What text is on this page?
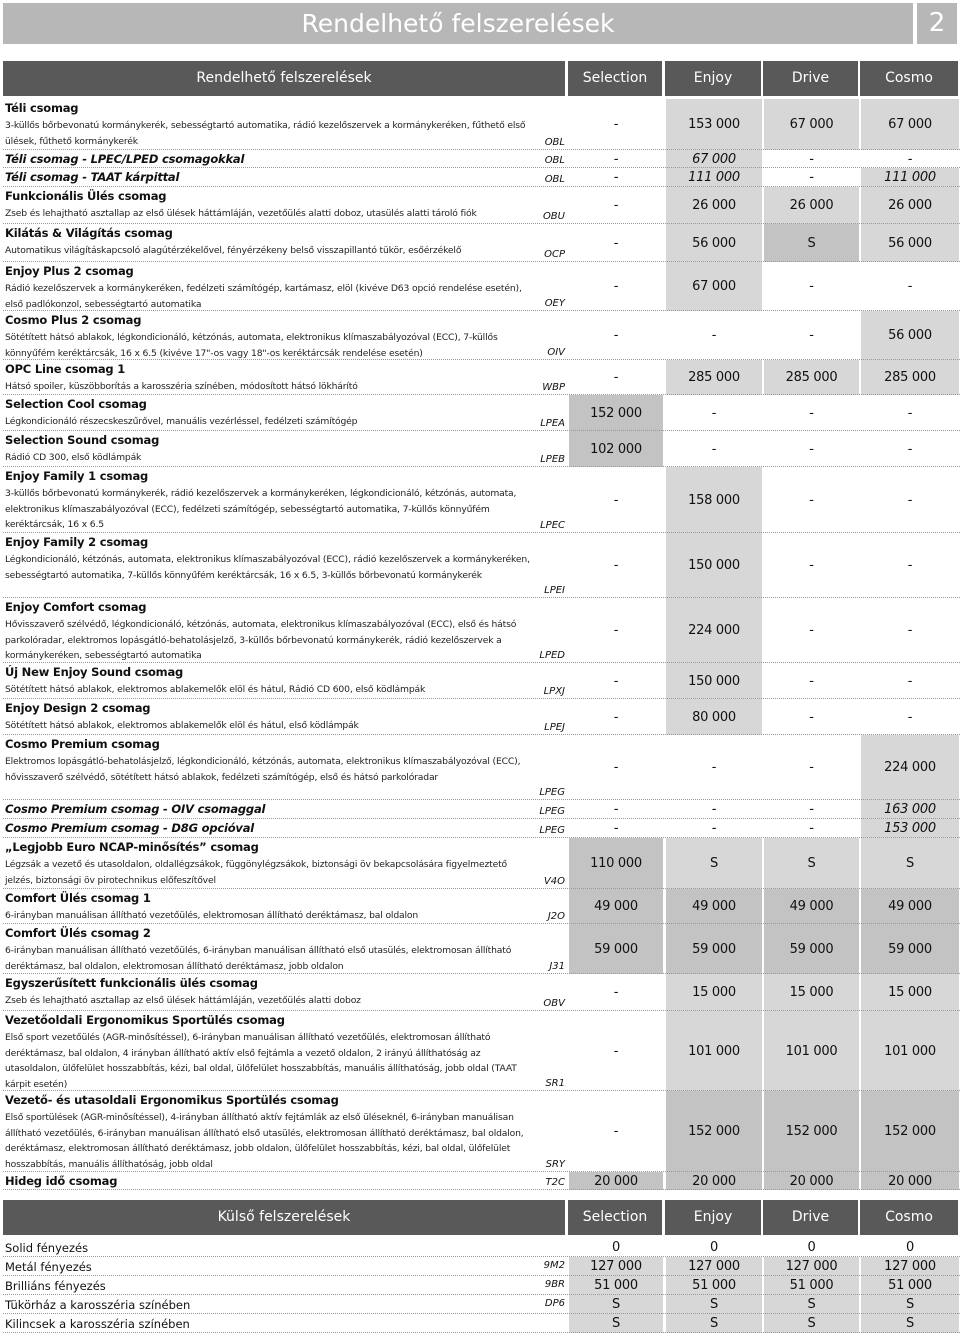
Rendelhető felszerelések	2
Rendelhető felszerelések	Selection	Enjoy	Drive	Cosmo
Téli csomag
3-küllős bőrbevonatú kormánykerék, sebességtartó automatika, rádió kezelőszervek a kormánykeréken, fűthető első ülések, fűthető kormánykerék	OBL
-	153 000	67 000	67 000
Téli csomag - LPEC/LPED csomagokkal	OBL	-	67 000	-	-
Téli csomag - TAAT kárpittal	OBL	-	111 000	-	111 000
Funkcionális Ülés csomag
Zseb és lehajtható asztallap az első ülések háttámláján, vezetőülés alatti doboz, utasülés alatti tároló fiók	OBU
-	26 000	26 000	26 000
Kilátás & Világítás csomag
Automatikus világításkapcsoló alagútérzékelővel, fényérzékeny belső visszapillantó tükör, esőérzékelő	OCP
-	56 000	S	56 000
Enjoy Plus 2 csomag
Rádió kezelőszervek a kormánykeréken, fedélzeti számítógép, kartámasz, elöl (kivéve D63 opció rendelése esetén), első padlókonzol, sebességtartó automatika	OEY
-	67 000	-	-
Cosmo Plus 2 csomag
Sötétített hátsó ablakok, légkondicionáló, kétzónás, automata, elektronikus klímaszabályozóval (ECC), 7-küllős könnyűfém keréktárcsák, 16 x 6.5 (kivéve 17"-os vagy 18"-os keréktárcsák rendelése esetén)	OIV
-	-	-	56 000
OPC Line csomag 1
Hátsó spoiler, küszöbborítás a karosszéria színében, módosított hátsó lökhárító	WBP
-	285 000	285 000	285 000
Selection Cool csomag
Légkondicionáló részecskeszűrővel, manuális vezérléssel, fedélzeti számítógép	LPEA
152 000	-	-	-
Selection Sound csomag
Rádió CD 300, első ködlámpák	LPEB
102 000	-	-	-
Enjoy Family 1 csomag
3-küllős bőrbevonatú kormánykerék, rádió kezelőszervek a kormánykeréken, légkondicionáló, kétzónás, automata, elektronikus klímaszabályozóval (ECC), fedélzeti számítógép, sebességtartó automatika, 7-küllős könnyűfém keréktárcsák, 16 x 6.5	LPEC
-	158 000	-	-
Enjoy Family 2 csomag
Légkondicionáló, kétzónás, automata, elektronikus klímaszabályozóval (ECC), rádió kezelőszervek a kormánykeréken, sebességtartó automatika, 7-küllős könnyűfém keréktárcsák, 16 x 6.5, 3-küllős bőrbevonatú kormánykerék
LPEI
-	150 000	-	-
Enjoy Comfort csomag
Hővisszaverő szélvédő, légkondicionáló, kétzónás, automata, elektronikus klímaszabályozóval (ECC), első és hátsó parkolóradar, elektromos lopásgátló-behatolásjelző, 3-küllős bőrbevonatú kormánykerék, rádió kezelőszervek a kormánykeréken, sebességtartó automatika	LPED
-	224 000	-	-
Új New Enjoy Sound csomag
Sötétített hátsó ablakok, elektromos ablakemelők elöl és hátul, Rádió CD 600, első ködlámpák	LPXJ
-	150 000	-	-
Enjoy Design 2 csomag
Sötétített hátsó ablakok, elektromos ablakemelők elöl és hátul, első ködlámpák	LPEJ
-	80 000	-	-
Cosmo Premium csomag
Elektromos lopásgátló-behatolásjelző, légkondicionáló, kétzónás, automata, elektronikus klímaszabályozóval (ECC), hővisszaverő szélvédő, sötétített hátsó ablakok, fedélzeti számítógép, első és hátsó parkolóradar
LPEG
-	-	-	224 000
Cosmo Premium csomag - OIV csomaggal	LPEG	-	-	-	163 000
Cosmo Premium csomag - D8G opcióval	LPEG	-	-	-	153 000
„Legjobb Euro NCAP-minősítés” csomag
Légzsák a vezető és utasoldalon, oldallégzsákok, függönylégzsákok, biztonsági öv bekapcsolására figyelmeztető jelzés, biztonsági öv pirotechnikus előfeszítővel	V4O
110 000	S	S	S
Comfort Ülés csomag 1
6-irányban manuálisan állítható vezetőülés, elektromosan állítható deréktámasz, bal oldalon	J2O
49 000	49 000	49 000	49 000
Comfort Ülés csomag 2
6-irányban manuálisan állítható vezetőülés, 6-irányban manuálisan állítható első utasülés, elektromosan állítható deréktámasz, bal oldalon, elektromosan állítható deréktámasz, jobb oldalon	J31
59 000	59 000	59 000	59 000
Egyszerűsített funkcionális ülés csomag
Zseb és lehajtható asztallap az első ülések háttámláján, vezetőülés alatti doboz	OBV
-	15 000	15 000	15 000
Vezetőoldali Ergonomikus Sportülés csomag
Első sport vezetőülés (AGR-minősítéssel), 6-irányban manuálisan állítható vezetőülés, elektromosan állítható deréktámasz, bal oldalon, 4 irányban állítható aktív első fejtámla a vezető oldalon, 2 irányú állíthatóság az utasoldalon, ülőfelület hosszabbítás, kézi, bal oldal, ülőfelület hosszabbítás, manuális állíthatóság, jobb oldal (TAAT kárpit esetén)	SR1
-	101 000	101 000	101 000
Vezető- és utasoldali Ergonomikus Sportülés csomag
Első sportülések (AGR-minősítéssel), 4-irányban állítható aktív fejtámlák az első üléseknél, 6-irányban manuálisan állítható vezetőülés, 6-irányban manuálisan állítható első utasülés, elektromosan állítható deréktámasz, bal oldalon, deréktámasz, elektromosan állítható deréktámasz, jobb oldalon, ülőfelület hosszabbítás, kézi, bal oldal, ülőfelület hosszabbítás, manuális állíthatóság, jobb oldal	SRY
-	152 000	152 000	152 000
Hideg idő csomag	T2C	20 000	20 000	20 000	20 000
Külső felszerelések	Selection	Enjoy	Drive	Cosmo
Solid fényezés	0	0	0	0
Metál fényezés	9M2	127 000	127 000	127 000	127 000
Brilliáns fényezés	9BR	51 000	51 000	51 000	51 000
Tükörház a karosszéria színében	DP6	S	S	S	S
Kilincsek a karosszéria színében	S	S	S	S
